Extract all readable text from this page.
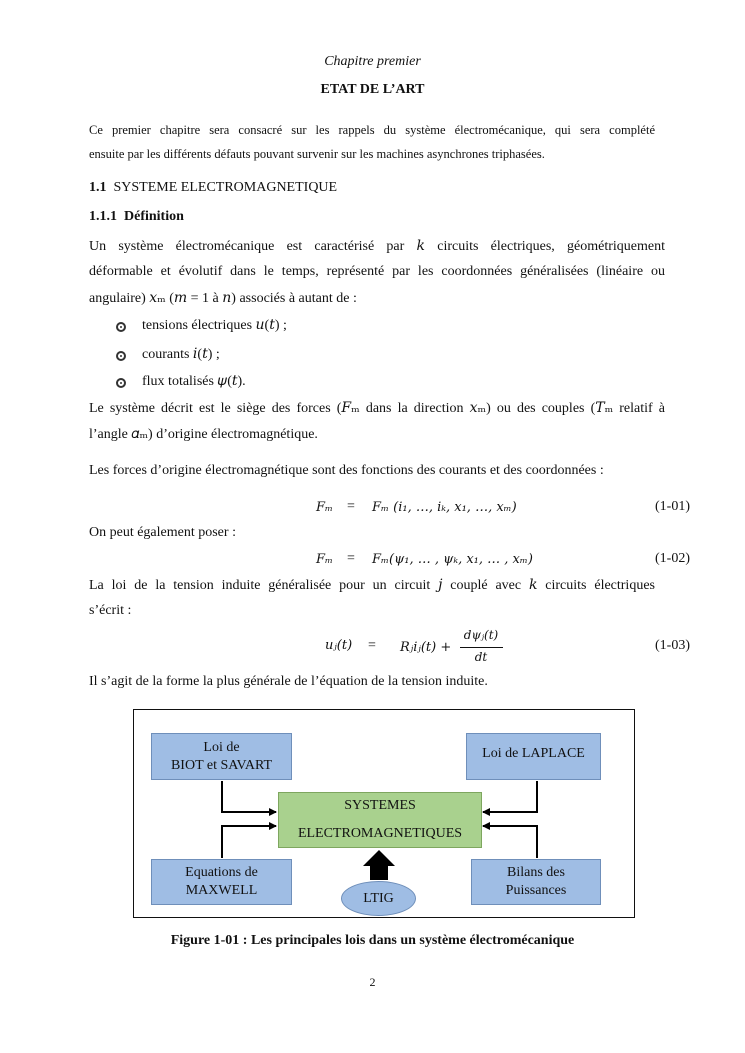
Chapitre premier
ETAT DE L’ART
Ce premier chapitre sera consacré sur les rappels du système électromécanique, qui sera complété
ensuite par les différents défauts pouvant survenir sur les machines asynchrones triphasées.
1.1 SYSTEME ELECTROMAGNETIQUE
1.1.1 Définition
Un système électromécanique est caractérisé par 𝑘 circuits électriques, géométriquement
déformable et évolutif dans le temps, représenté par les coordonnées généralisées (linéaire ou
angulaire) 𝑥ₘ (𝑚 = 1 à 𝑛) associés à autant de :
tensions électriques 𝑢(𝑡) ;
courants 𝑖(𝑡) ;
flux totalisés 𝜓(𝑡).
Le système décrit est le siège des forces (𝐹ₘ dans la direction 𝑥ₘ) ou des couples (𝑇ₘ relatif à
l’angle 𝛼ₘ) d’origine électromagnétique.
Les forces d’origine électromagnétique sont des fonctions des courants et des coordonnées :
𝐹ₘ = 𝐹ₘ (𝑖₁, …, 𝑖ₖ, 𝑥₁, …, 𝑥ₘ)	(1-01)
On peut également poser :
𝐹ₘ = 𝐹ₘ(𝜓₁, … , 𝜓ₖ, 𝑥₁, … , 𝑥ₘ)	(1-02)
La loi de la tension induite généralisée pour un circuit 𝑗 couplé avec 𝑘 circuits électriques
s’écrit :
𝑢ⱼ(𝑡) = 𝑅ⱼ𝑖ⱼ(𝑡) +
𝑑𝜓ⱼ(𝑡)
𝑑𝑡
(1-03)
Il s’agit de la forme la plus générale de l’équation de la tension induite.
Loi de
BIOT et SAVART
Loi de LAPLACE
SYSTEMES
ELECTROMAGNETIQUES
Equations de
MAXWELL
Bilans des
Puissances
LTIG
Figure 1-01 : Les principales lois dans un système électromécanique
2
